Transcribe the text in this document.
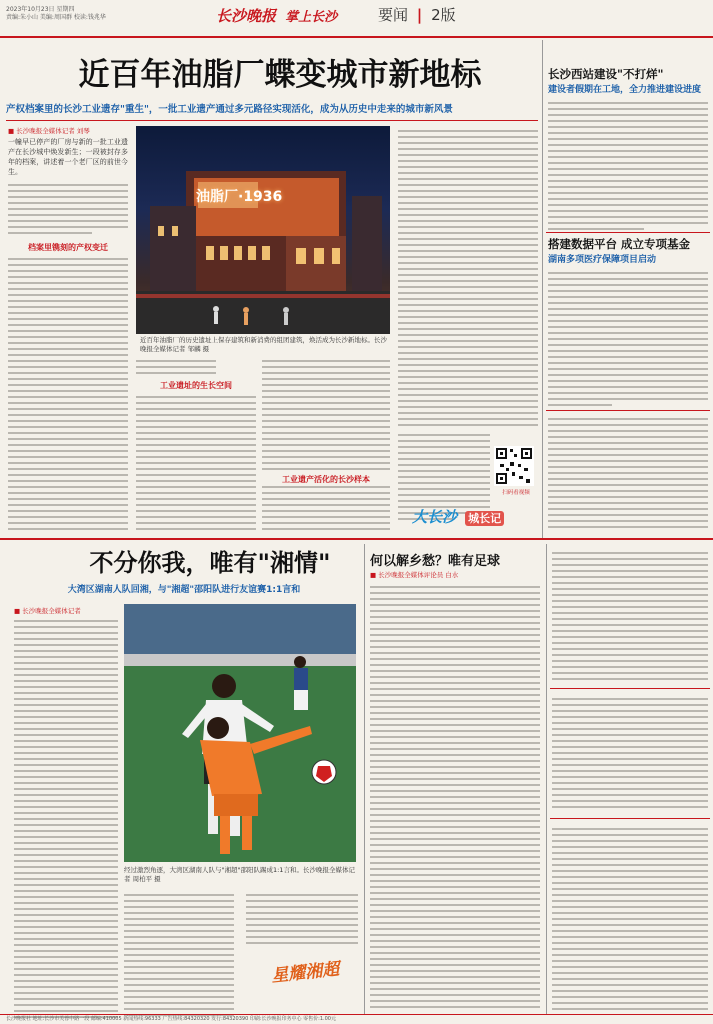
2023年10月23日 星期四
责编:朱小山 美编:周国群 校读:钱兆华	长沙晚报 掌上长沙	要闻 | 2版
近百年油脂厂蝶变城市新地标
产权档案里的长沙工业遗存"重生"，一批工业遗产通过多元路径实现活化，成为从历史中走来的城市新风景
■ 长沙晚报全媒体记者 刘琴
一幢早已停产的厂房与新的一批工业遗产在长沙城中焕发新生；一段被封存多年的档案，讲述着一个老厂区的前世今生。
档案里镌刻的产权变迁
油脂厂·1936
近百年油脂厂的历史遗址上保存建筑和新消费的组团建筑，焕活成为长沙新地标。长沙晚报全媒体记者 邹麟 摄
工业遗址的生长空间
工业遗产活化的长沙样本
扫码看视频
大长沙 城长记
长沙西站建设"不打烊"
建设者假期在工地，全力推进建设进度
搭建数据平台 成立专项基金
湖南多项医疗保障项目启动
不分你我，唯有"湘情"
大湾区湖南人队回湘，与"湘超"邵阳队进行友谊赛1:1言和
■ 长沙晚报全媒体记者
经过激烈角逐，大湾区湖南人队与"湘超"邵阳队踢成1:1言和。长沙晚报全媒体记者 周柏平 摄
星耀湘超
何以解乡愁？唯有足球
■ 长沙晚报全媒体评论员 白水
长沙晚报社 地址:长沙市芙蓉中路一段 邮编:410005 新闻热线:96333 广告热线:84320320 发行:84320390 印刷:长沙晚报印务中心 零售价:1.00元
